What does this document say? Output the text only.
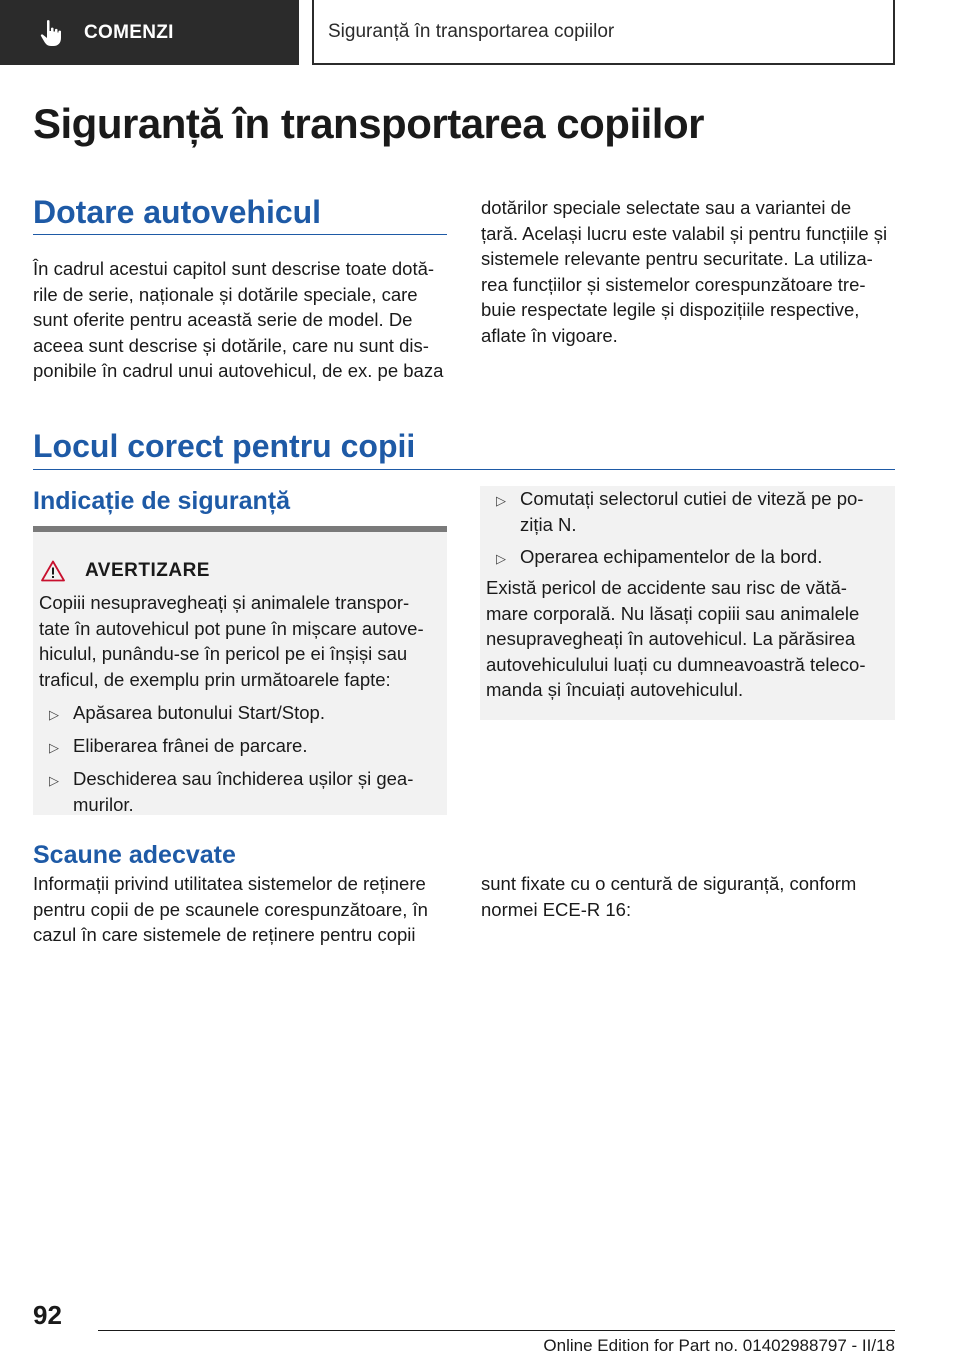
COMENZI	Siguranță în transportarea copiilor
Siguranță în transportarea copiilor
Dotare autovehicul
În cadrul acestui capitol sunt descrise toate dotă-
rile de serie, naționale și dotările speciale, care
sunt oferite pentru această serie de model. De
aceea sunt descrise și dotările, care nu sunt dis-
ponibile în cadrul unui autovehicul, de ex. pe baza
dotărilor speciale selectate sau a variantei de
țară. Același lucru este valabil și pentru funcțiile și
sistemele relevante pentru securitate. La utiliza-
rea funcțiilor și sistemelor corespunzătoare tre-
buie respectate legile și dispozițiile respective,
aflate în vigoare.
Locul corect pentru copii
Indicație de siguranță
AVERTIZARE
Copiii nesupravegheați și animalele transpor-
tate în autovehicul pot pune în mișcare autove-
hiculul, punându-se în pericol pe ei înșiși sau
traficul, de exemplu prin următoarele fapte:
▷ Apăsarea butonului Start/Stop.
▷ Eliberarea frânei de parcare.
▷ Deschiderea sau închiderea ușilor și gea-
murilor.
▷ Comutați selectorul cutiei de viteză pe po-
ziția N.
▷ Operarea echipamentelor de la bord.
Există pericol de accidente sau risc de vătă-
mare corporală. Nu lăsați copiii sau animalele
nesupravegheați în autovehicul. La părăsirea
autovehiculului luați cu dumneavoastră teleco-
manda și încuiați autovehiculul.
Scaune adecvate
Informații privind utilitatea sistemelor de reținere
pentru copii de pe scaunele corespunzătoare, în
cazul în care sistemele de reținere pentru copii
sunt fixate cu o centură de siguranță, conform
normei ECE-R 16:
92
Online Edition for Part no. 01402988797 - II/18
